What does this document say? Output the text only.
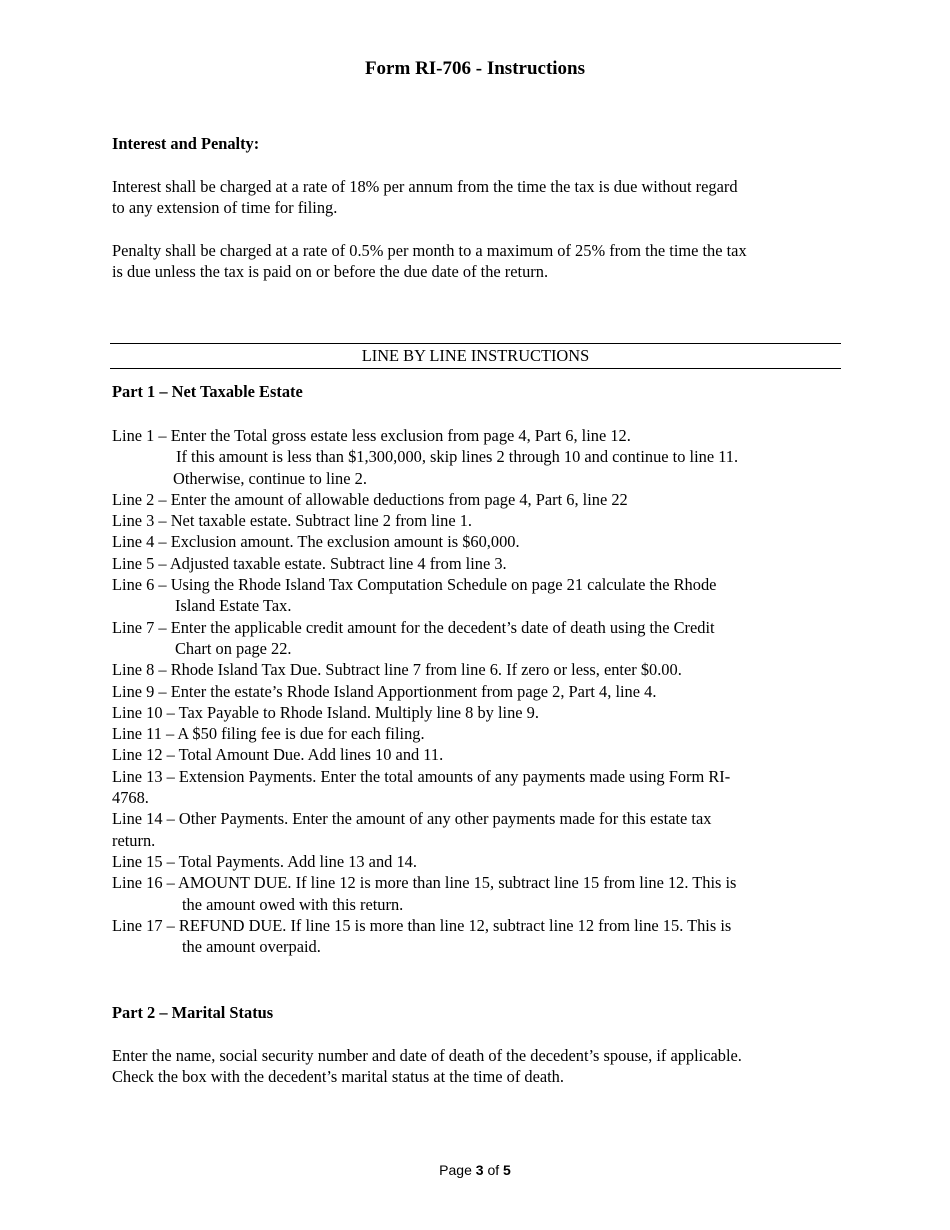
Form RI-706 - Instructions
Interest and Penalty:
Interest shall be charged at a rate of 18% per annum from the time the tax is due without regard
to any extension of time for filing.
Penalty shall be charged at a rate of 0.5% per month to a maximum of 25% from the time the tax
is due unless the tax is paid on or before the due date of the return.
LINE BY LINE INSTRUCTIONS
Part 1 – Net Taxable Estate
Line 1 – Enter the Total gross estate less exclusion from page 4, Part 6, line 12.
If this amount is less than $1,300,000, skip lines 2 through 10 and continue to line 11.
Otherwise, continue to line 2.
Line 2 – Enter the amount of allowable deductions from page 4, Part 6, line 22
Line 3 – Net taxable estate. Subtract line 2 from line 1.
Line 4 – Exclusion amount. The exclusion amount is $60,000.
Line 5 – Adjusted taxable estate. Subtract line 4 from line 3.
Line 6 – Using the Rhode Island Tax Computation Schedule on page 21 calculate the Rhode
Island Estate Tax.
Line 7 – Enter the applicable credit amount for the decedent’s date of death using the Credit
Chart on page 22.
Line 8 – Rhode Island Tax Due. Subtract line 7 from line 6. If zero or less, enter $0.00.
Line 9 – Enter the estate’s Rhode Island Apportionment from page 2, Part 4, line 4.
Line 10 – Tax Payable to Rhode Island. Multiply line 8 by line 9.
Line 11 – A $50 filing fee is due for each filing.
Line 12 – Total Amount Due. Add lines 10 and 11.
Line 13 – Extension Payments. Enter the total amounts of any payments made using Form RI-
4768.
Line 14 – Other Payments. Enter the amount of any other payments made for this estate tax
return.
Line 15 – Total Payments. Add line 13 and 14.
Line 16 – AMOUNT DUE. If line 12 is more than line 15, subtract line 15 from line 12. This is
the amount owed with this return.
Line 17 – REFUND DUE. If line 15 is more than line 12, subtract line 12 from line 15. This is
the amount overpaid.
Part 2 – Marital Status
Enter the name, social security number and date of death of the decedent’s spouse, if applicable.
Check the box with the decedent’s marital status at the time of death.
Page 3 of 5
